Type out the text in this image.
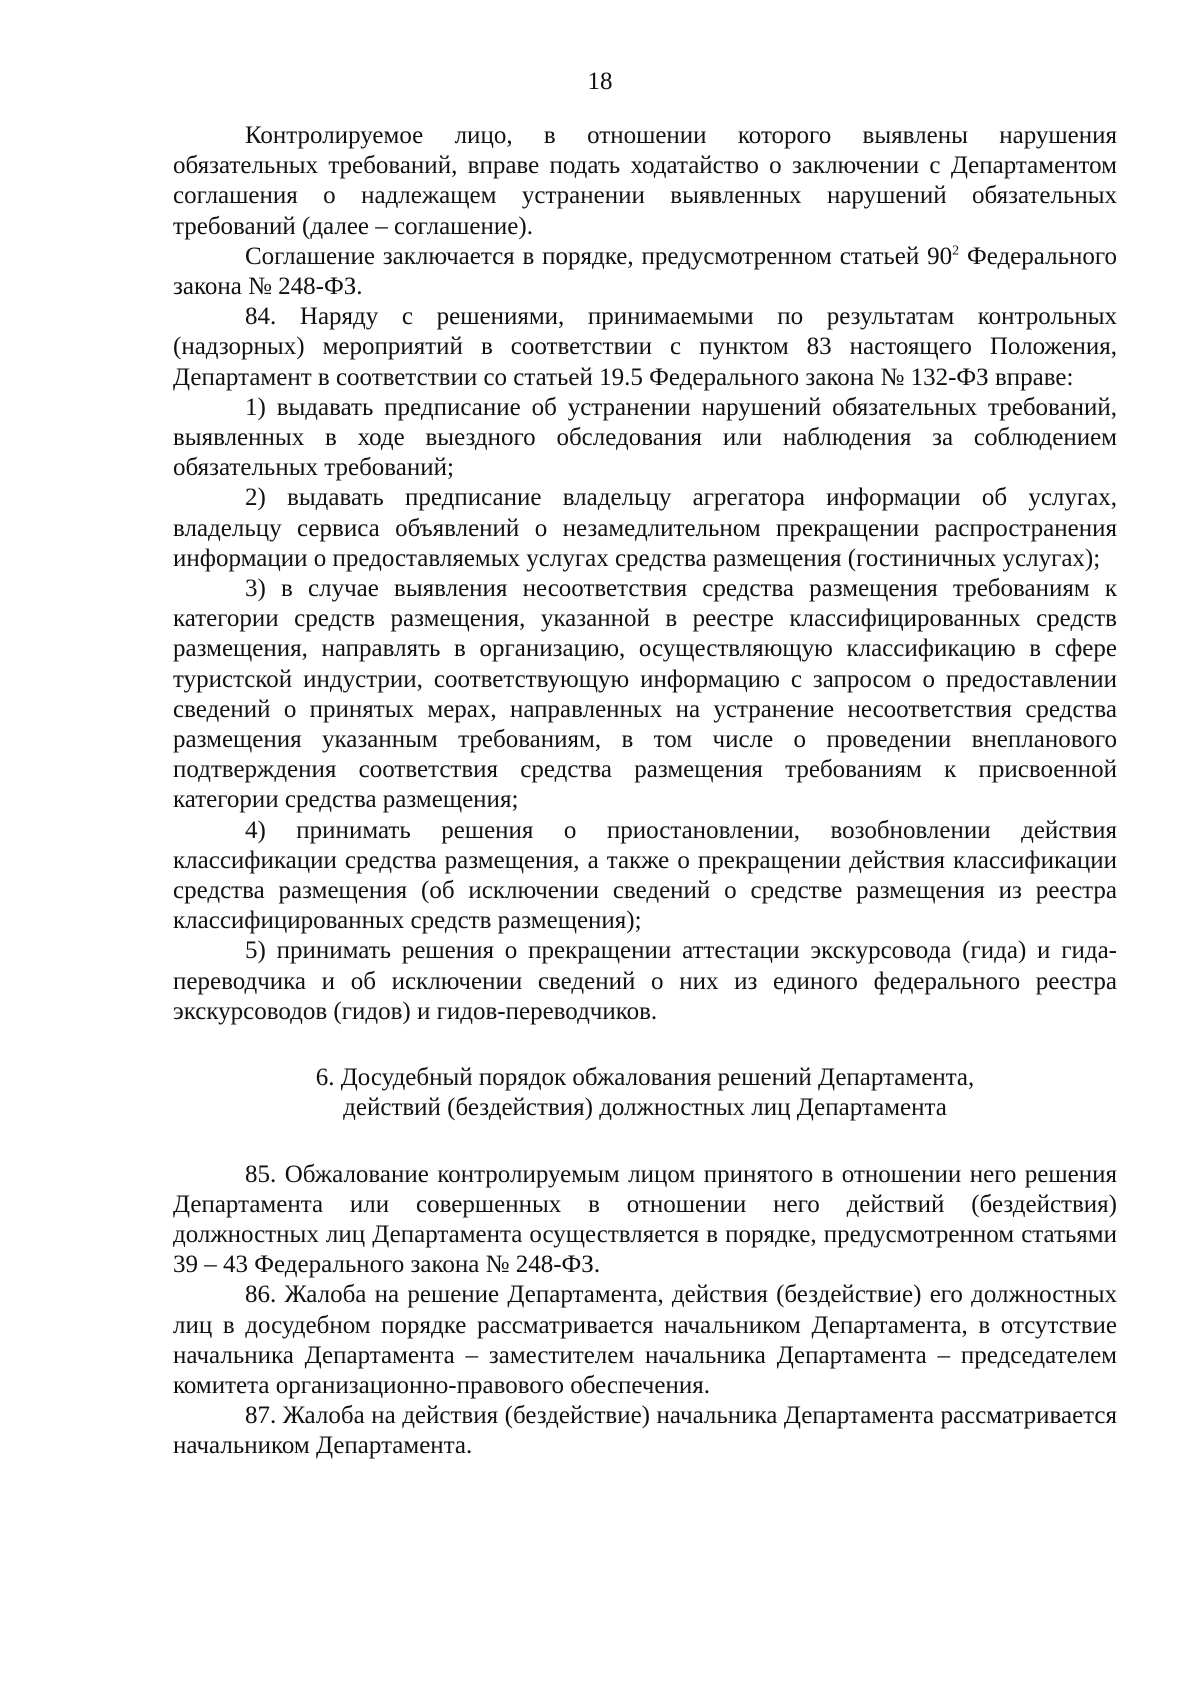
18

Контролируемое лицо, в отношении которого выявлены нарушения обязательных требований, вправе подать ходатайство о заключении с Департаментом соглашения о надлежащем устранении выявленных нарушений обязательных требований (далее – соглашение).

Соглашение заключается в порядке, предусмотренном статьей $90^2$ Федерального закона № 248-ФЗ.

84. Наряду с решениями, принимаемыми по результатам контрольных (надзорных) мероприятий в соответствии с пунктом 83 настоящего Положения, Департамент в соответствии со статьей 19.5 Федерального закона № 132-ФЗ вправе:

1) выдавать предписание об устранении нарушений обязательных требований, выявленных в ходе выездного обследования или наблюдения за соблюдением обязательных требований;

2) выдавать предписание владельцу агрегатора информации об услугах, владельцу сервиса объявлений о незамедлительном прекращении распространения информации о предоставляемых услугах средства размещения (гостиничных услугах);

3) в случае выявления несоответствия средства размещения требованиям к категории средств размещения, указанной в реестре классифицированных средств размещения, направлять в организацию, осуществляющую классификацию в сфере туристской индустрии, соответствующую информацию с запросом о предоставлении сведений о принятых мерах, направленных на устранение несоответствия средства размещения указанным требованиям, в том числе о проведении внепланового подтверждения соответствия средства размещения требованиям к присвоенной категории средства размещения;

4) принимать решения о приостановлении, возобновлении действия классификации средства размещения, а также о прекращении действия классификации средства размещения (об исключении сведений о средстве размещения из реестра классифицированных средств размещения);

5) принимать решения о прекращении аттестации экскурсовода (гида) и гида-переводчика и об исключении сведений о них из единого федерального реестра экскурсоводов (гидов) и гидов-переводчиков.

6. Досудебный порядок обжалования решений Департамента,
действий (бездействия) должностных лиц Департамента

85. Обжалование контролируемым лицом принятого в отношении него решения Департамента или совершенных в отношении него действий (бездействия) должностных лиц Департамента осуществляется в порядке, предусмотренном статьями 39 – 43 Федерального закона № 248-ФЗ.

86. Жалоба на решение Департамента, действия (бездействие) его должностных лиц в досудебном порядке рассматривается начальником Департамента, в отсутствие начальника Департамента – заместителем начальника Департамента – председателем комитета организационно-правового обеспечения.

87. Жалоба на действия (бездействие) начальника Департамента рассматривается начальником Департамента.
